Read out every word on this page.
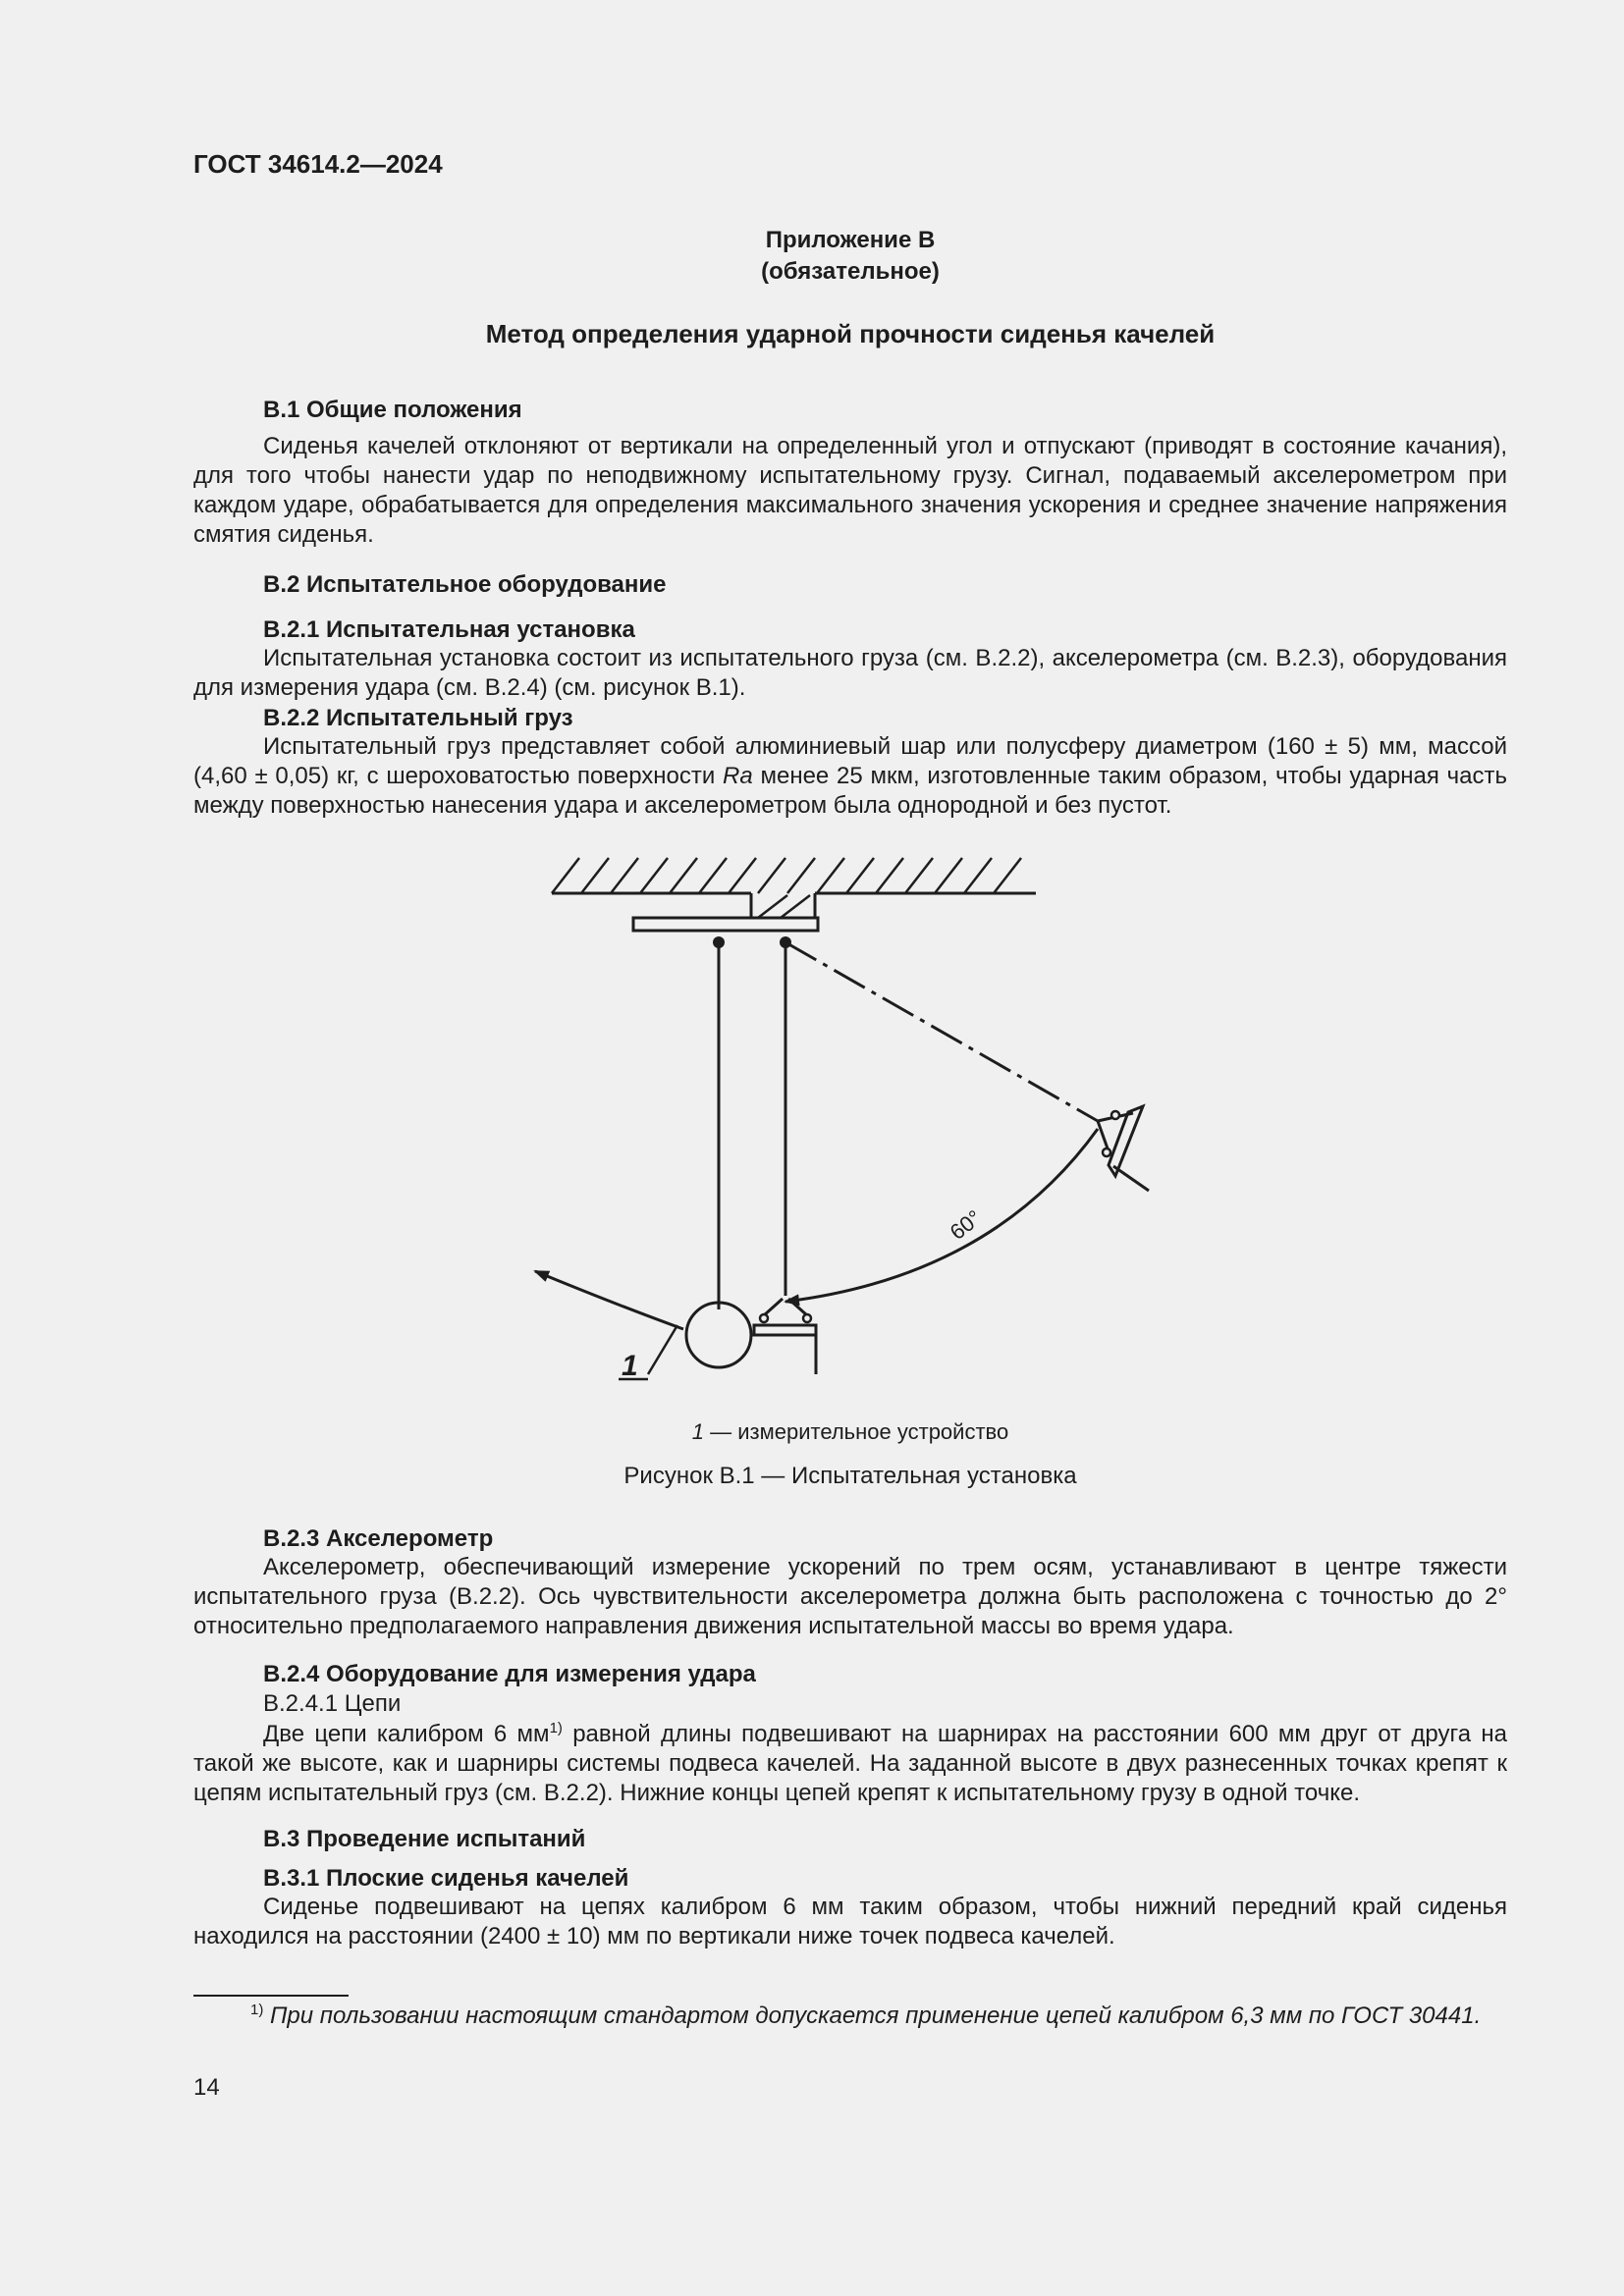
ГОСТ 34614.2—2024
Приложение В
(обязательное)
Метод определения ударной прочности сиденья качелей
В.1 Общие положения
Сиденья качелей отклоняют от вертикали на определенный угол и отпускают (приводят в состояние качания), для того чтобы нанести удар по неподвижному испытательному грузу. Сигнал, подаваемый акселерометром при каждом ударе, обрабатывается для определения максимального значения ускорения и среднее значение напряжения смятия сиденья.
В.2 Испытательное оборудование
В.2.1 Испытательная установка
Испытательная установка состоит из испытательного груза (см. В.2.2), акселерометра (см. В.2.3), оборудования для измерения удара (см. В.2.4) (см. рисунок В.1).
В.2.2 Испытательный груз
Испытательный груз представляет собой алюминиевый шар или полусферу диаметром (160 ± 5) мм, массой (4,60 ± 0,05) кг, с шероховатостью поверхности Ra менее 25 мкм, изготовленные таким образом, чтобы ударная часть между поверхностью нанесения удара и акселерометром была однородной и без пустот.
60°
1
1 — измерительное устройство
Рисунок В.1 — Испытательная установка
В.2.3 Акселерометр
Акселерометр, обеспечивающий измерение ускорений по трем осям, устанавливают в центре тяжести испытательного груза (В.2.2). Ось чувствительности акселерометра должна быть расположена с точностью до 2° относительно предполагаемого направления движения испытательной массы во время удара.
В.2.4 Оборудование для измерения удара
В.2.4.1 Цепи
Две цепи калибром 6 $мм^{1)}$ равной длины подвешивают на шарнирах на расстоянии 600 мм друг от друга на такой же высоте, как и шарниры системы подвеса качелей. На заданной высоте в двух разнесенных точках крепят к цепям испытательный груз (см. В.2.2). Нижние концы цепей крепят к испытательному грузу в одной точке.
В.3 Проведение испытаний
В.3.1 Плоские сиденья качелей
Сиденье подвешивают на цепях калибром 6 мм таким образом, чтобы нижний передний край сиденья находился на расстоянии (2400 ± 10) мм по вертикали ниже точек подвеса качелей.
$^{1)}$ При пользовании настоящим стандартом допускается применение цепей калибром 6,3 мм по ГОСТ 30441.
14
